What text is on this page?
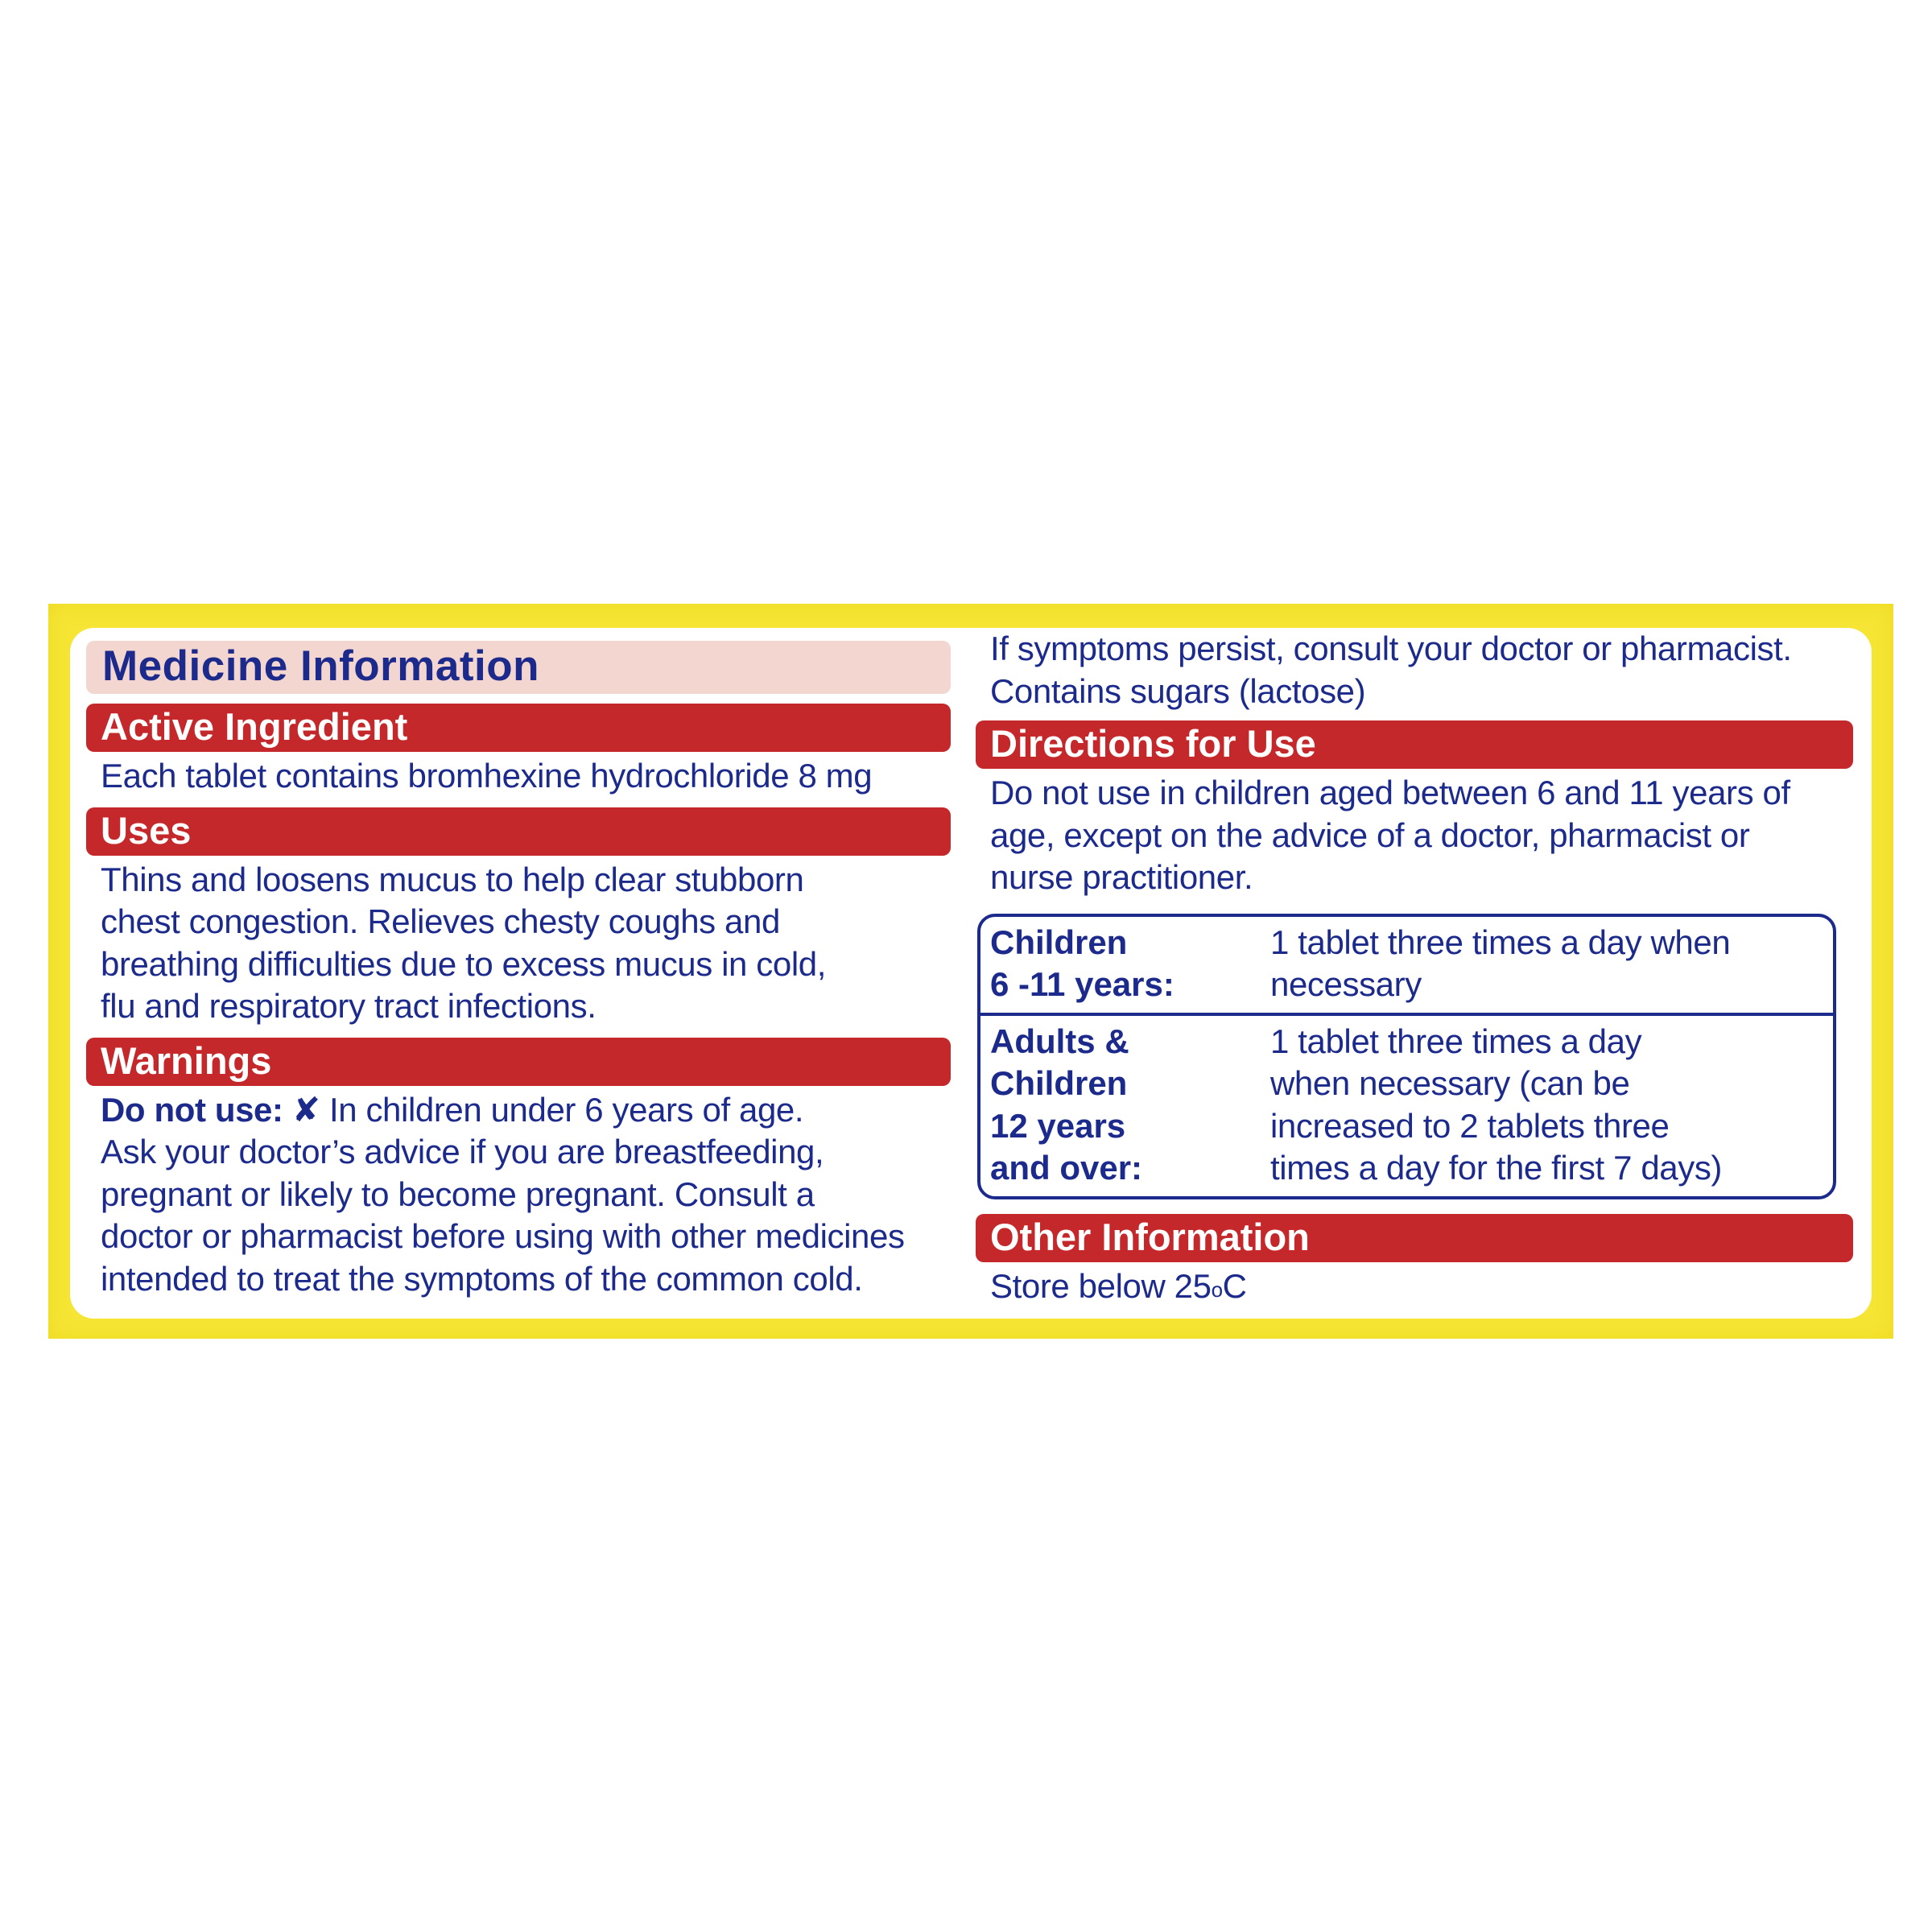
Medicine Information
Active Ingredient
Each tablet contains bromhexine hydrochloride 8 mg
Uses
Thins and loosens mucus to help clear stubborn
chest congestion. Relieves chesty coughs and
breathing difficulties due to excess mucus in cold,
flu and respiratory tract infections.
Warnings
Do not use: ✘ In children under 6 years of age.
Ask your doctor’s advice if you are breastfeeding,
pregnant or likely to become pregnant. Consult a
doctor or pharmacist before using with other medicines
intended to treat the symptoms of the common cold.
If symptoms persist, consult your doctor or pharmacist.
Contains sugars (lactose)
Directions for Use
Do not use in children aged between 6 and 11 years of
age, except on the advice of a doctor, pharmacist or
nurse practitioner.
Children
6 -11 years:
1 tablet three times a day when
necessary
Adults &
Children
12 years
and over:
1 tablet three times a day
when necessary (can be
increased to 2 tablets three
times a day for the first 7 days)
Other Information
Store below 25$^o$C
